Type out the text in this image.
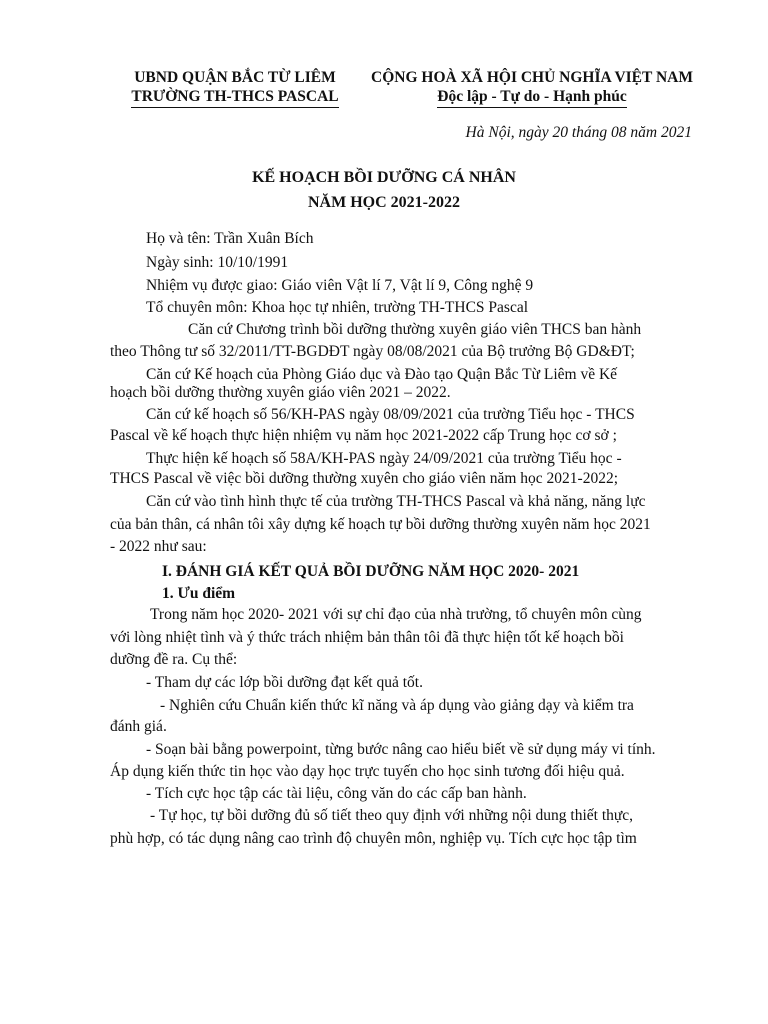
UBND QUẬN BẮC TỪ LIÊM
TRƯỜNG TH-THCS PASCAL
CỘNG HOÀ XÃ HỘI CHỦ NGHĨA VIỆT NAM
Độc lập - Tự do - Hạnh phúc
Hà Nội, ngày 20 tháng 08 năm 2021
KẾ HOẠCH BỒI DƯỠNG CÁ NHÂN
NĂM HỌC 2021-2022
Họ và tên: Trần Xuân Bích
Ngày sinh: 10/10/1991
Nhiệm vụ được giao: Giáo viên Vật lí 7, Vật lí 9, Công nghệ 9
Tổ chuyên môn: Khoa học tự nhiên, trường TH-THCS Pascal
Căn cứ Chương trình bồi dưỡng thường xuyên giáo viên THCS ban hành
theo Thông tư số 32/2011/TT-BGDĐT ngày 08/08/2021 của Bộ trưởng Bộ GD&ĐT;
Căn cứ Kế hoạch của Phòng Giáo dục và Đào tạo Quận Bắc Từ Liêm về Kế
hoạch bồi dưỡng thường xuyên giáo viên 2021 – 2022.
Căn cứ kế hoạch số 56/KH-PAS ngày 08/09/2021 của trường Tiểu học - THCS
Pascal về kế hoạch thực hiện nhiệm vụ năm học 2021-2022 cấp Trung học cơ sở ;
Thực hiện kế hoạch số 58A/KH-PAS ngày 24/09/2021 của trường Tiểu học -
THCS Pascal về việc bồi dưỡng thường xuyên cho giáo viên năm học 2021-2022;
Căn cứ vào tình hình thực tế của trường TH-THCS Pascal và khả năng, năng lực
của bản thân, cá nhân tôi xây dựng kế hoạch tự bồi dưỡng thường xuyên năm học 2021
- 2022 như sau:
I. ĐÁNH GIÁ KẾT QUẢ BỒI DƯỠNG NĂM HỌC 2020- 2021
1. Ưu điểm
Trong năm học 2020- 2021 với sự chỉ đạo của nhà trường, tổ chuyên môn cùng
với lòng nhiệt tình và ý thức trách nhiệm bản thân tôi đã thực hiện tốt kế hoạch bồi
dưỡng đề ra. Cụ thể:
- Tham dự các lớp bồi dưỡng đạt kết quả tốt.
- Nghiên cứu Chuẩn kiến thức kĩ năng và áp dụng vào giảng dạy và kiểm tra
đánh giá.
- Soạn bài bằng powerpoint, từng bước nâng cao hiểu biết về sử dụng máy vi tính.
Áp dụng kiến thức tin học vào dạy học trực tuyến cho học sinh tương đối hiệu quả.
- Tích cực học tập các tài liệu, công văn do các cấp ban hành.
- Tự học, tự bồi dưỡng đủ số tiết theo quy định với những nội dung thiết thực,
phù hợp, có tác dụng nâng cao trình độ chuyên môn, nghiệp vụ. Tích cực học tập tìm
